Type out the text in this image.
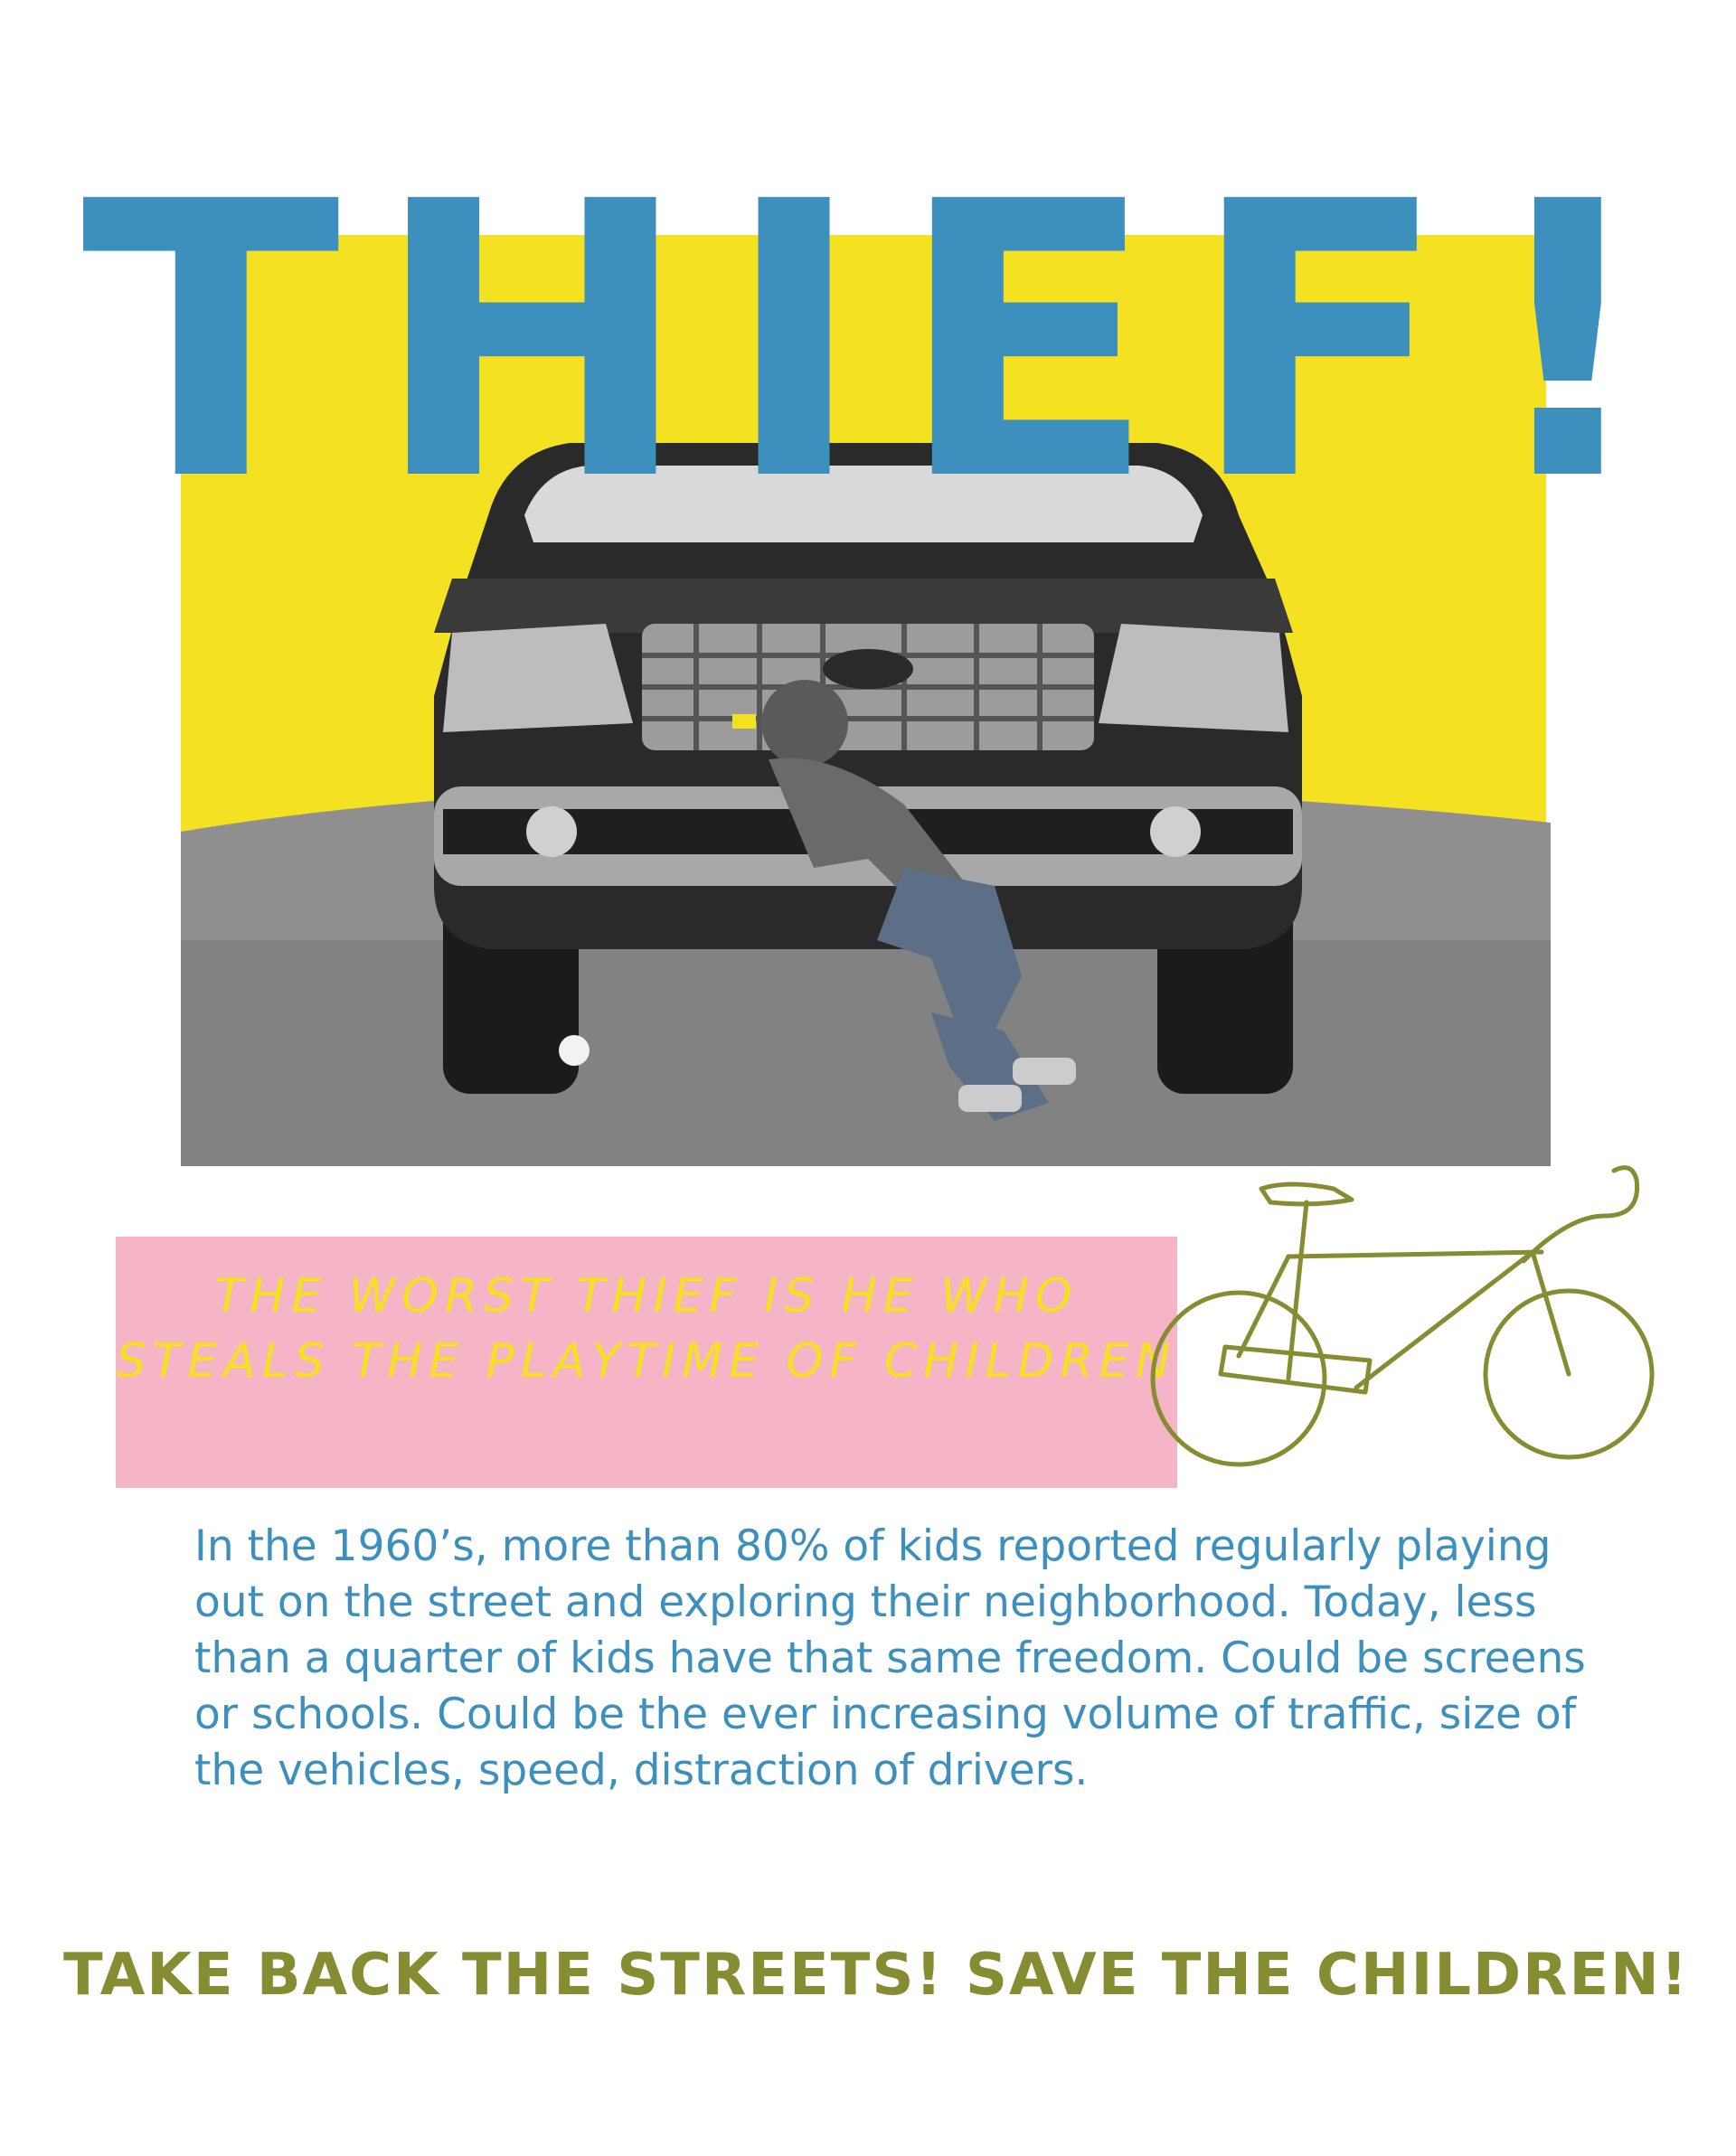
THIEF!

THE WORST THIEF IS HE WHO STEALS THE PLAYTIME OF CHILDREN

In the 1960’s, more than 80% of kids reported regularly playing out on the street and exploring their neighborhood. Today, less than a quarter of kids have that same freedom. Could be screens or schools. Could be the ever increasing volume of traffic, size of the vehicles, speed, distraction of drivers.

TAKE BACK THE STREETS! SAVE THE CHILDREN!
